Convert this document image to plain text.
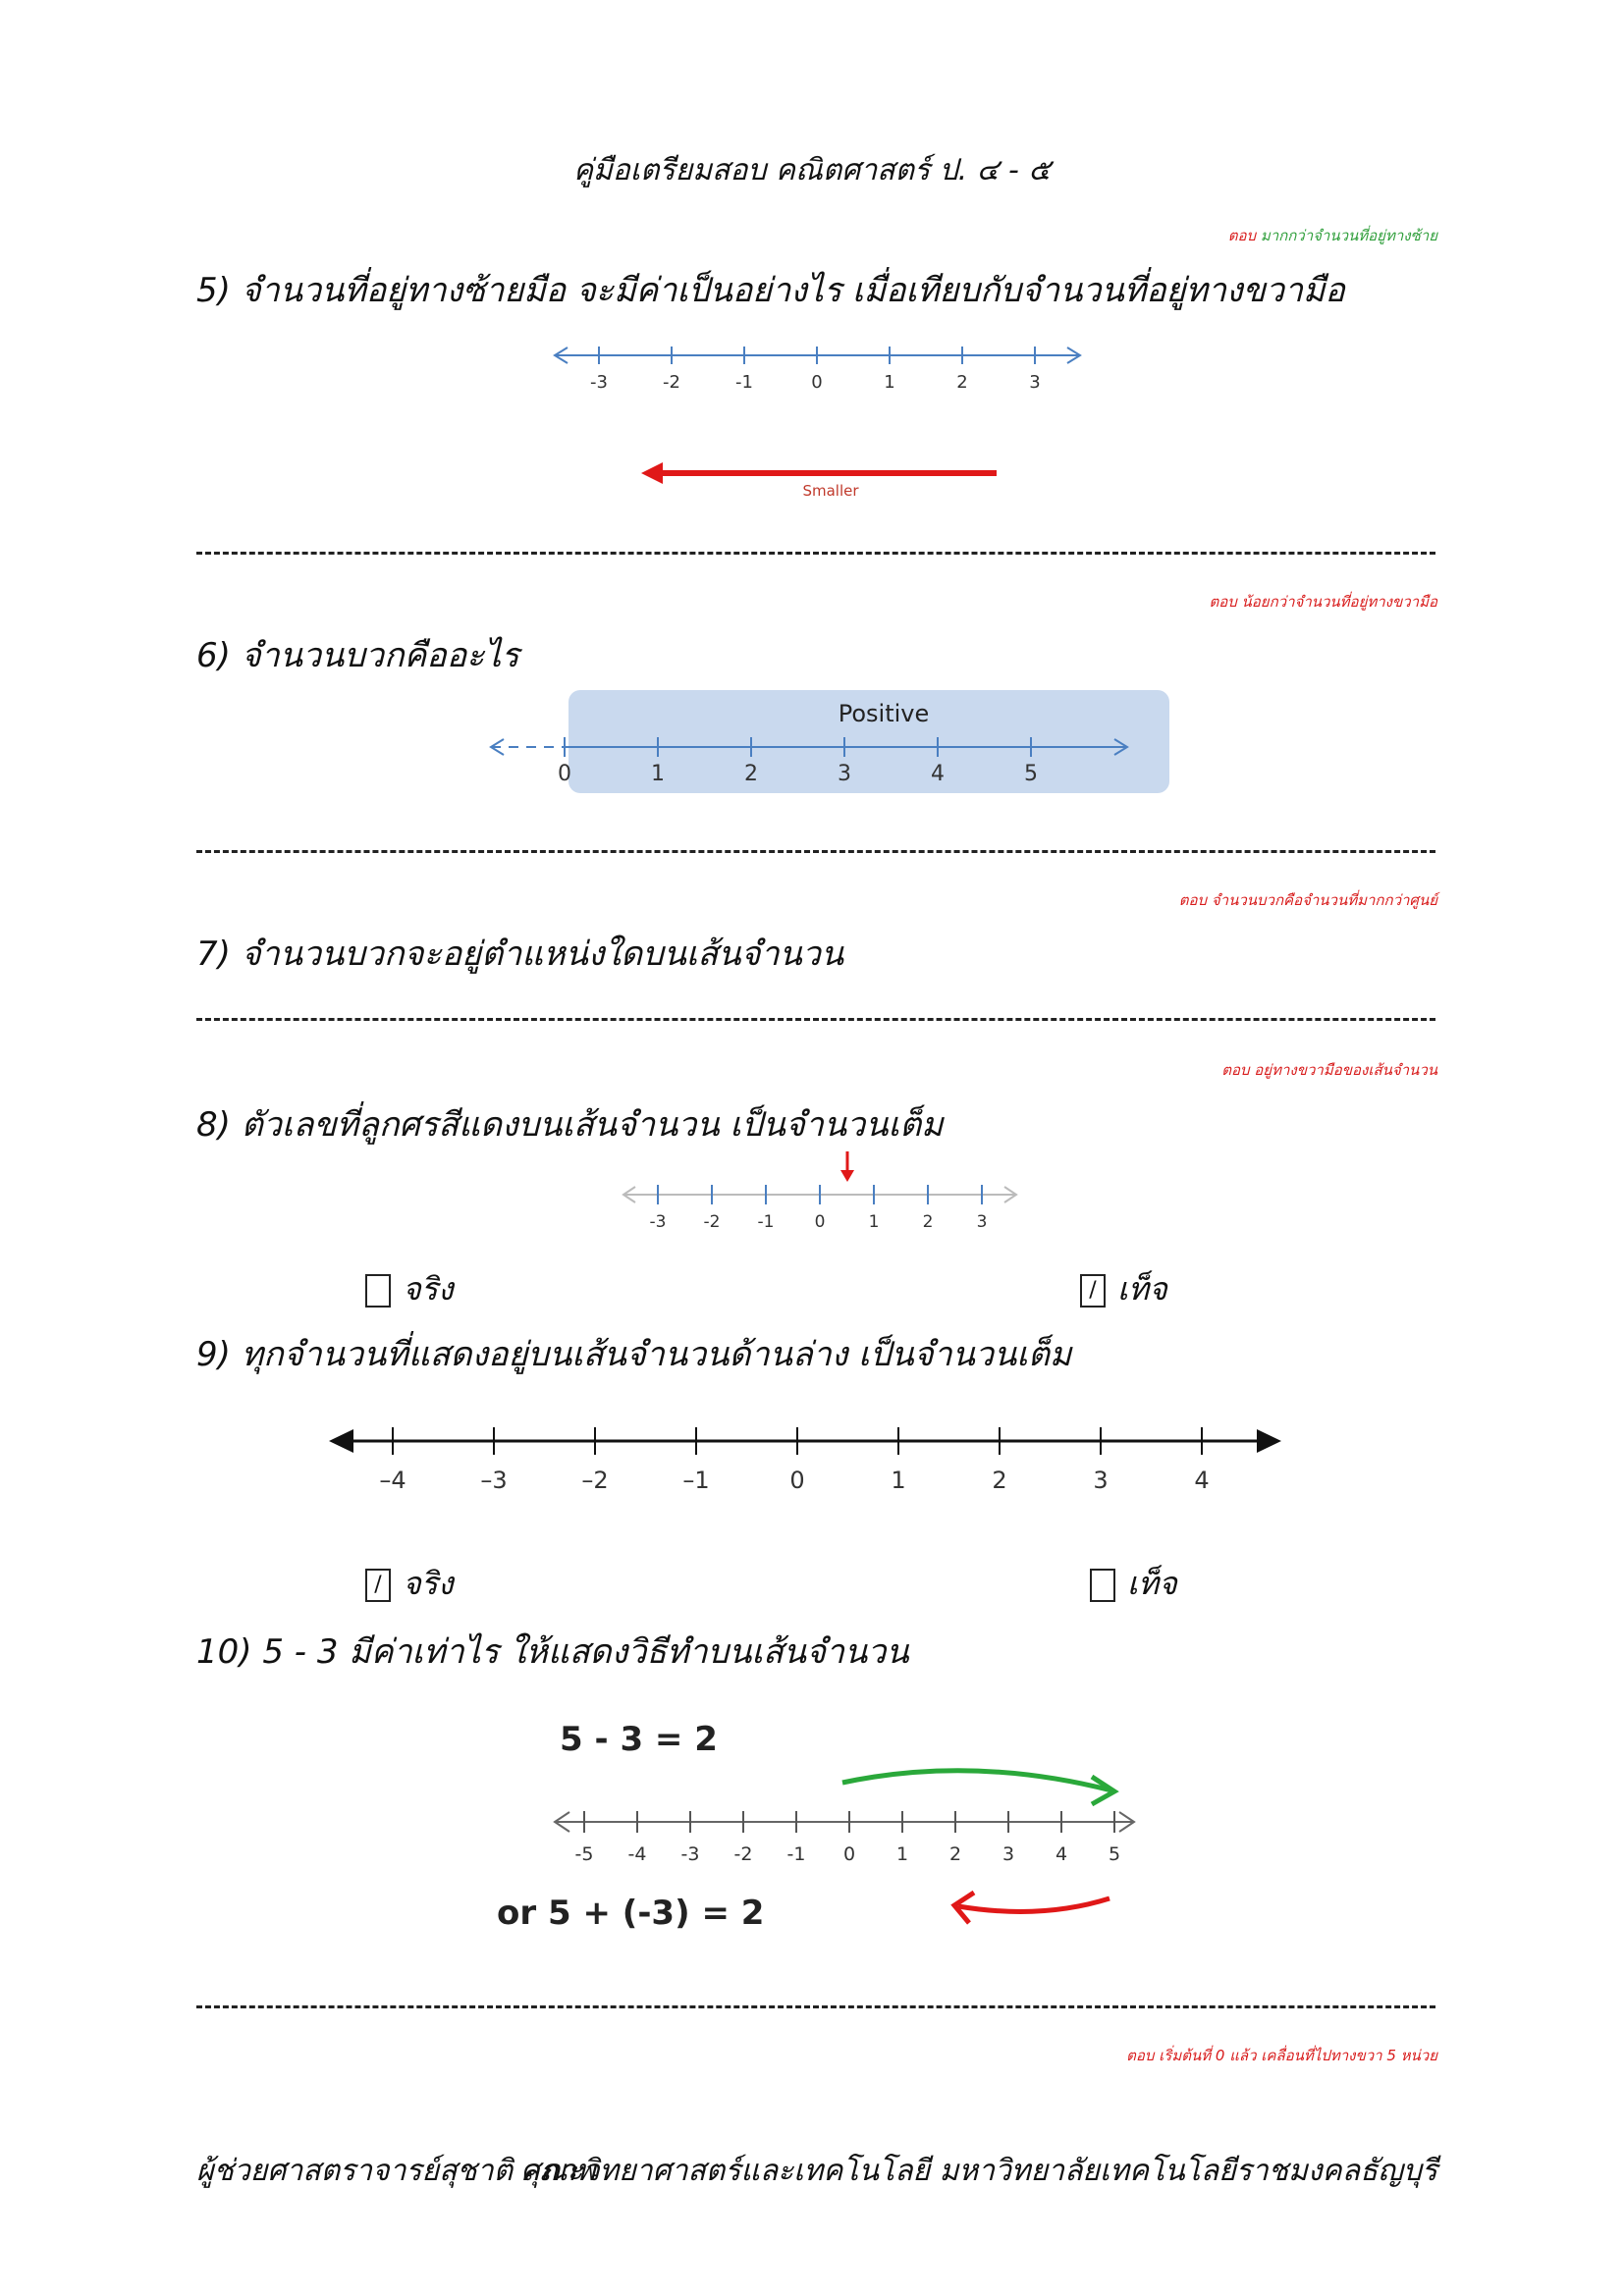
คู่มือเตรียมสอบ คณิตศาสตร์ ป. ๔ - ๕
ตอบ มากกว่าจำนวนที่อยู่ทางซ้าย
5) จำนวนที่อยู่ทางซ้ายมือ จะมีค่าเป็นอย่างไร เมื่อเทียบกับจำนวนที่อยู่ทางขวามือ
-3	-2	-1	0	1	2	3
Smaller
ตอบ น้อยกว่าจำนวนที่อยู่ทางขวามือ
6) จำนวนบวกคืออะไร
Positive
0	1	2	3	4	5
ตอบ จำนวนบวกคือจำนวนที่มากกว่าศูนย์
7) จำนวนบวกจะอยู่ตำแหน่งใดบนเส้นจำนวน
ตอบ อยู่ทางขวามือของเส้นจำนวน
8) ตัวเลขที่ลูกศรสีแดงบนเส้นจำนวน เป็นจำนวนเต็ม
-3 -2 -1 0	1	2	3
จริง	/ เท็จ
9) ทุกจำนวนที่แสดงอยู่บนเส้นจำนวนด้านล่าง เป็นจำนวนเต็ม
–4	–3	–2	–1	0	1	2	3	4
/ จริง	เท็จ
10) 5 - 3 มีค่าเท่าไร ให้แสดงวิธีทำบนเส้นจำนวน
5 - 3 = 2
-5 -4 -3 -2 -1 0 1 2 3 4 5
or 5 + (-3) = 2
ตอบ เริ่มต้นที่ 0 แล้ว เคลื่อนที่ไปทางขวา 5 หน่วย
ผู้ช่วยศาสตราจารย์สุชาติ สุภาพ
คณะวิทยาศาสตร์และเทคโนโลยี มหาวิทยาลัยเทคโนโลยีราชมงคลธัญบุรี
